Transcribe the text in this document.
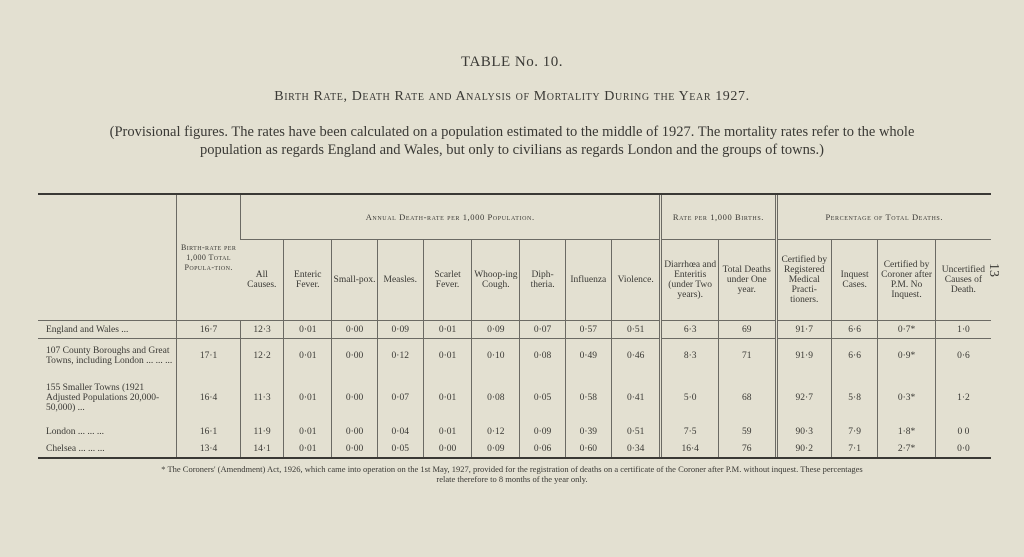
TABLE No. 10.
Birth Rate, Death Rate and Analysis of Mortality During the Year 1927.
(Provisional figures. The rates have been calculated on a population estimated to the middle of 1927. The mortality rates refer to the whole population as regards England and Wales, but only to civilians as regards London and the groups of towns.)
13
	Birth-rate per 1,000 Total Popula-tion.	Annual Death-rate per 1,000 Population.									Rate per 1,000 Births.		Percentage of Total Deaths.			
		All Causes.	Enteric Fever.	Small-pox.	Measles.	Scarlet Fever.	Whoop-ing Cough.	Diph-theria.	Influenza	Violence.	Diarrhœa and Enteritis (under Two years).	Total Deaths under One year.	Certified by Registered Medical Practi-tioners.	Inquest Cases.	Certified by Coroner after P.M. No Inquest.	Uncertified Causes of Death.
England and Wales ...	16·7	12·3	0·01	0·00	0·09	0·01	0·09	0·07	0·57	0·51	6·3	69	91·7	6·6	0·7*	1·0
107 County Boroughs and Great Towns, including London ... ... ...	17·1	12·2	0·01	0·00	0·12	0·01	0·10	0·08	0·49	0·46	8·3	71	91·9	6·6	0·9*	0·6
155 Smaller Towns (1921 Adjusted Populations 20,000-50,000) ...	16·4	11·3	0·01	0·00	0·07	0·01	0·08	0·05	0·58	0·41	5·0	68	92·7	5·8	0·3*	1·2
London ... ... ...	16·1	11·9	0·01	0·00	0·04	0·01	0·12	0·09	0·39	0·51	7·5	59	90·3	7·9	1·8*	0 0
Chelsea ... ... ...	13·4	14·1	0·01	0·00	0·05	0·00	0·09	0·06	0·60	0·34	16·4	76	90·2	7·1	2·7*	0·0
* The Coroners' (Amendment) Act, 1926, which came into operation on the 1st May, 1927, provided for the registration of deaths on a certificate of the Coroner after P.M. without inquest. These percentages relate therefore to 8 months of the year only.
